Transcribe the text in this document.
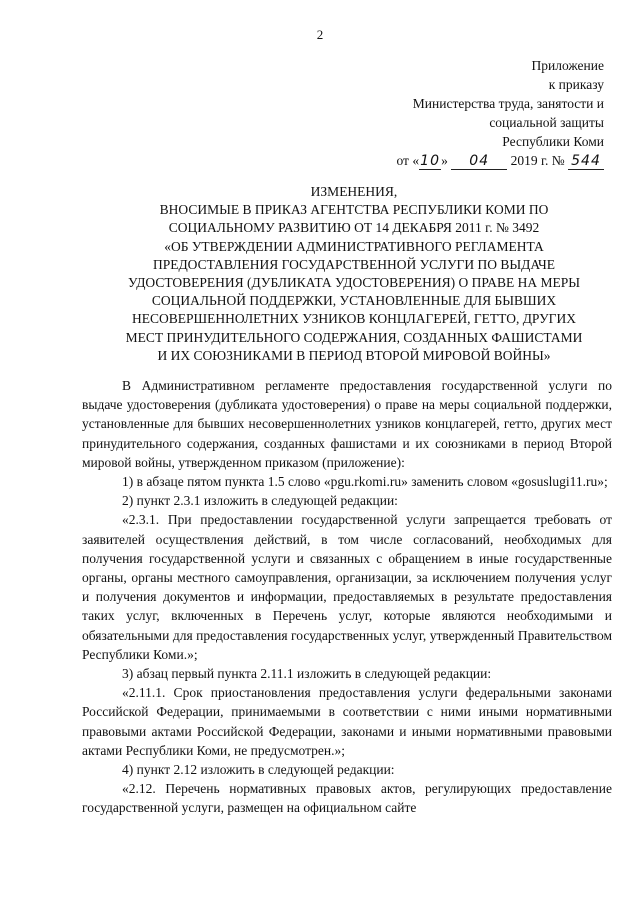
2
Приложение
к приказу
Министерства труда, занятости и
социальной защиты
Республики Коми
от «10» 04 2019 г. № 544
ИЗМЕНЕНИЯ,
ВНОСИМЫЕ В ПРИКАЗ АГЕНТСТВА РЕСПУБЛИКИ КОМИ ПО
СОЦИАЛЬНОМУ РАЗВИТИЮ ОТ 14 ДЕКАБРЯ 2011 г. № 3492
«ОБ УТВЕРЖДЕНИИ АДМИНИСТРАТИВНОГО РЕГЛАМЕНТА
ПРЕДОСТАВЛЕНИЯ ГОСУДАРСТВЕННОЙ УСЛУГИ ПО ВЫДАЧЕ
УДОСТОВЕРЕНИЯ (ДУБЛИКАТА УДОСТОВЕРЕНИЯ) О ПРАВЕ НА МЕРЫ
СОЦИАЛЬНОЙ ПОДДЕРЖКИ, УСТАНОВЛЕННЫЕ ДЛЯ БЫВШИХ
НЕСОВЕРШЕННОЛЕТНИХ УЗНИКОВ КОНЦЛАГЕРЕЙ, ГЕТТО, ДРУГИХ
МЕСТ ПРИНУДИТЕЛЬНОГО СОДЕРЖАНИЯ, СОЗДАННЫХ ФАШИСТАМИ
И ИХ СОЮЗНИКАМИ В ПЕРИОД ВТОРОЙ МИРОВОЙ ВОЙНЫ»

В Административном регламенте предоставления государственной услуги по выдаче удостоверения (дубликата удостоверения) о праве на меры социальной поддержки, установленные для бывших несовершеннолетних узников концлагерей, гетто, других мест принудительного содержания, созданных фашистами и их союзниками в период Второй мировой войны, утвержденном приказом (приложение):

1) в абзаце пятом пункта 1.5 слово «pgu.rkomi.ru» заменить словом «gosuslugi11.ru»;

2) пункт 2.3.1 изложить в следующей редакции:

«2.3.1. При предоставлении государственной услуги запрещается требовать от заявителей осуществления действий, в том числе согласований, необходимых для получения государственной услуги и связанных с обращением в иные государственные органы, органы местного самоуправления, организации, за исключением получения услуг и получения документов и информации, предоставляемых в результате предоставления таких услуг, включенных в Перечень услуг, которые являются необходимыми и обязательными для предоставления государственных услуг, утвержденный Правительством Республики Коми.»;

3) абзац первый пункта 2.11.1 изложить в следующей редакции:

«2.11.1. Срок приостановления предоставления услуги федеральными законами Российской Федерации, принимаемыми в соответствии с ними иными нормативными правовыми актами Российской Федерации, законами и иными нормативными правовыми актами Республики Коми, не предусмотрен.»;

4) пункт 2.12 изложить в следующей редакции:

«2.12. Перечень нормативных правовых актов, регулирующих предоставление государственной услуги, размещен на официальном сайте
